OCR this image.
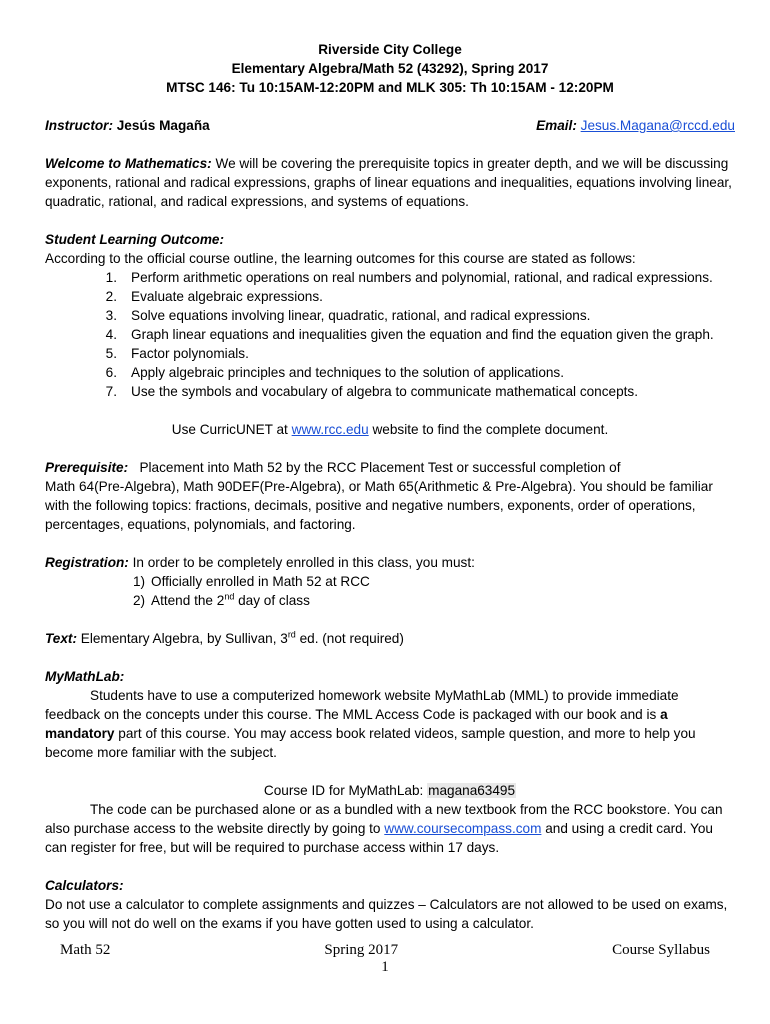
Riverside City College
Elementary Algebra/Math 52 (43292), Spring 2017
MTSC 146: Tu 10:15AM-12:20PM and MLK 305: Th 10:15AM - 12:20PM
Instructor: Jesús Magaña	Email: Jesus.Magana@rccd.edu
Welcome to Mathematics: We will be covering the prerequisite topics in greater depth, and we will be discussing exponents, rational and radical expressions, graphs of linear equations and inequalities, equations involving linear, quadratic, rational, and radical expressions, and systems of equations.
Student Learning Outcome:
According to the official course outline, the learning outcomes for this course are stated as follows:
1.	Perform arithmetic operations on real numbers and polynomial, rational, and radical expressions.
2.	Evaluate algebraic expressions.
3.	Solve equations involving linear, quadratic, rational, and radical expressions.
4.	Graph linear equations and inequalities given the equation and find the equation given the graph.
5.	Factor polynomials.
6.	Apply algebraic principles and techniques to the solution of applications.
7.	Use the symbols and vocabulary of algebra to communicate mathematical concepts.
Use CurricUNET at www.rcc.edu website to find the complete document.
Prerequisite: Placement into Math 52 by the RCC Placement Test or successful completion of
Math 64(Pre-Algebra), Math 90DEF(Pre-Algebra), or Math 65(Arithmetic & Pre-Algebra). You should be familiar with the following topics: fractions, decimals, positive and negative numbers, exponents, order of operations, percentages, equations, polynomials, and factoring.
Registration: In order to be completely enrolled in this class, you must:
1) Officially enrolled in Math 52 at RCC
2) Attend the 2nd day of class
Text: Elementary Algebra, by Sullivan, 3rd ed. (not required)
MyMathLab:
Students have to use a computerized homework website MyMathLab (MML) to provide immediate feedback on the concepts under this course. The MML Access Code is packaged with our book and is a mandatory part of this course. You may access book related videos, sample question, and more to help you become more familiar with the subject.
Course ID for MyMathLab: magana63495
The code can be purchased alone or as a bundled with a new textbook from the RCC bookstore. You can also purchase access to the website directly by going to www.coursecompass.com and using a credit card. You can register for free, but will be required to purchase access within 17 days.
Calculators:
Do not use a calculator to complete assignments and quizzes – Calculators are not allowed to be used on exams, so you will not do well on the exams if you have gotten used to using a calculator.
Math 52	Spring 2017	Course Syllabus
1
